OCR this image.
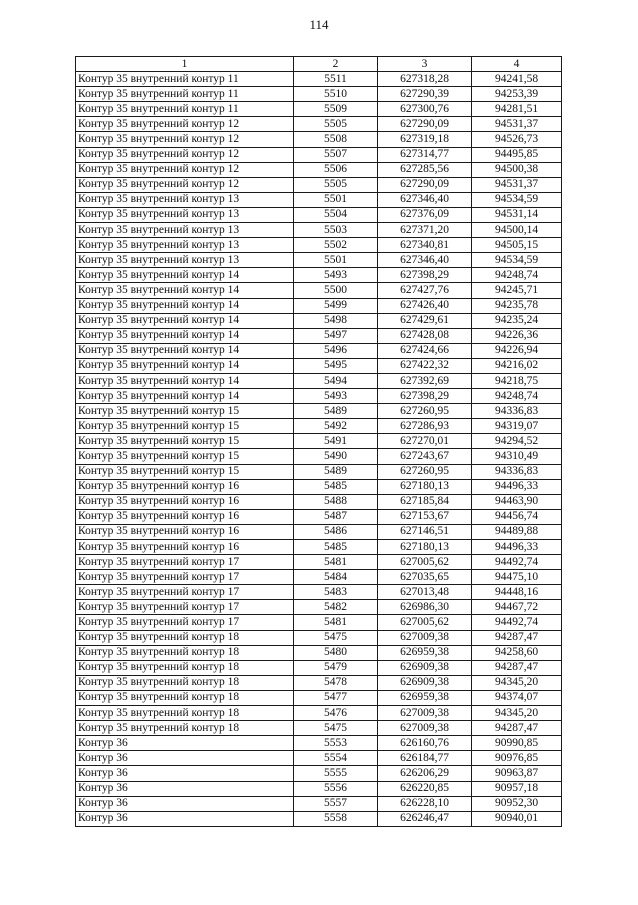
114
1	2	3	4
Контур 35 внутренний контур 11	5511	627318,28	94241,58
Контур 35 внутренний контур 11	5510	627290,39	94253,39
Контур 35 внутренний контур 11	5509	627300,76	94281,51
Контур 35 внутренний контур 12	5505	627290,09	94531,37
Контур 35 внутренний контур 12	5508	627319,18	94526,73
Контур 35 внутренний контур 12	5507	627314,77	94495,85
Контур 35 внутренний контур 12	5506	627285,56	94500,38
Контур 35 внутренний контур 12	5505	627290,09	94531,37
Контур 35 внутренний контур 13	5501	627346,40	94534,59
Контур 35 внутренний контур 13	5504	627376,09	94531,14
Контур 35 внутренний контур 13	5503	627371,20	94500,14
Контур 35 внутренний контур 13	5502	627340,81	94505,15
Контур 35 внутренний контур 13	5501	627346,40	94534,59
Контур 35 внутренний контур 14	5493	627398,29	94248,74
Контур 35 внутренний контур 14	5500	627427,76	94245,71
Контур 35 внутренний контур 14	5499	627426,40	94235,78
Контур 35 внутренний контур 14	5498	627429,61	94235,24
Контур 35 внутренний контур 14	5497	627428,08	94226,36
Контур 35 внутренний контур 14	5496	627424,66	94226,94
Контур 35 внутренний контур 14	5495	627422,32	94216,02
Контур 35 внутренний контур 14	5494	627392,69	94218,75
Контур 35 внутренний контур 14	5493	627398,29	94248,74
Контур 35 внутренний контур 15	5489	627260,95	94336,83
Контур 35 внутренний контур 15	5492	627286,93	94319,07
Контур 35 внутренний контур 15	5491	627270,01	94294,52
Контур 35 внутренний контур 15	5490	627243,67	94310,49
Контур 35 внутренний контур 15	5489	627260,95	94336,83
Контур 35 внутренний контур 16	5485	627180,13	94496,33
Контур 35 внутренний контур 16	5488	627185,84	94463,90
Контур 35 внутренний контур 16	5487	627153,67	94456,74
Контур 35 внутренний контур 16	5486	627146,51	94489,88
Контур 35 внутренний контур 16	5485	627180,13	94496,33
Контур 35 внутренний контур 17	5481	627005,62	94492,74
Контур 35 внутренний контур 17	5484	627035,65	94475,10
Контур 35 внутренний контур 17	5483	627013,48	94448,16
Контур 35 внутренний контур 17	5482	626986,30	94467,72
Контур 35 внутренний контур 17	5481	627005,62	94492,74
Контур 35 внутренний контур 18	5475	627009,38	94287,47
Контур 35 внутренний контур 18	5480	626959,38	94258,60
Контур 35 внутренний контур 18	5479	626909,38	94287,47
Контур 35 внутренний контур 18	5478	626909,38	94345,20
Контур 35 внутренний контур 18	5477	626959,38	94374,07
Контур 35 внутренний контур 18	5476	627009,38	94345,20
Контур 35 внутренний контур 18	5475	627009,38	94287,47
Контур 36	5553	626160,76	90990,85
Контур 36	5554	626184,77	90976,85
Контур 36	5555	626206,29	90963,87
Контур 36	5556	626220,85	90957,18
Контур 36	5557	626228,10	90952,30
Контур 36	5558	626246,47	90940,01
